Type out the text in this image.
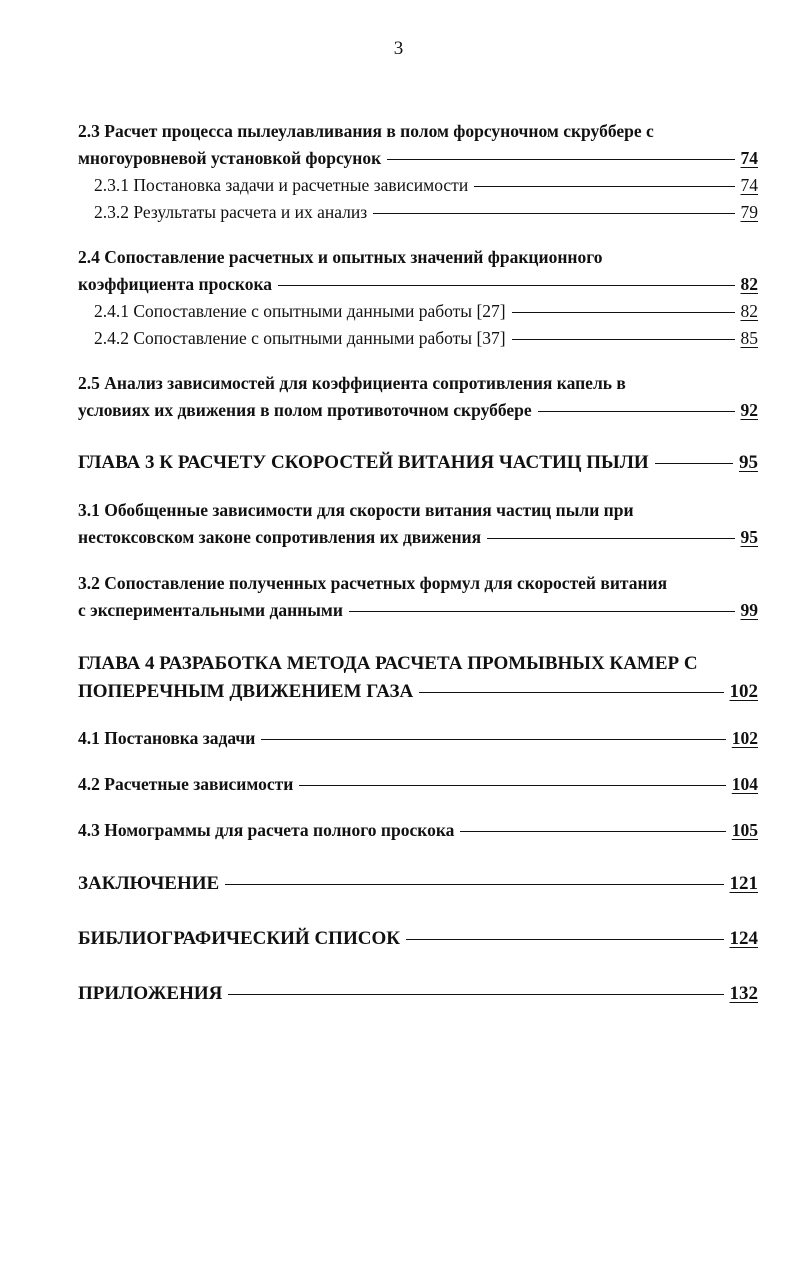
3
2.3 Расчет процесса пылеулавливания в полом форсуночном скруббере с
многоуровневой установкой форсунок	74
2.3.1 Постановка задачи и расчетные зависимости	74
2.3.2 Результаты расчета и их анализ	79
2.4 Сопоставление расчетных и опытных значений фракционного
коэффициента проскока	82
2.4.1 Сопоставление с опытными данными работы [27]	82
2.4.2 Сопоставление с опытными данными работы [37]	85
2.5 Анализ зависимостей для коэффициента сопротивления капель в
условиях их движения в полом противоточном скруббере	92
ГЛАВА 3 К РАСЧЕТУ СКОРОСТЕЙ ВИТАНИЯ ЧАСТИЦ ПЫЛИ	95
3.1 Обобщенные зависимости для скорости витания частиц пыли при
нестоксовском законе сопротивления их движения	95
3.2 Сопоставление полученных расчетных формул для скоростей витания
с экспериментальными данными	99
ГЛАВА 4 РАЗРАБОТКА МЕТОДА РАСЧЕТА ПРОМЫВНЫХ КАМЕР С
ПОПЕРЕЧНЫМ ДВИЖЕНИЕМ ГАЗА	102
4.1 Постановка задачи	102
4.2 Расчетные зависимости	104
4.3 Номограммы для расчета полного проскока	105
ЗАКЛЮЧЕНИЕ	121
БИБЛИОГРАФИЧЕСКИЙ СПИСОК	124
ПРИЛОЖЕНИЯ	132
